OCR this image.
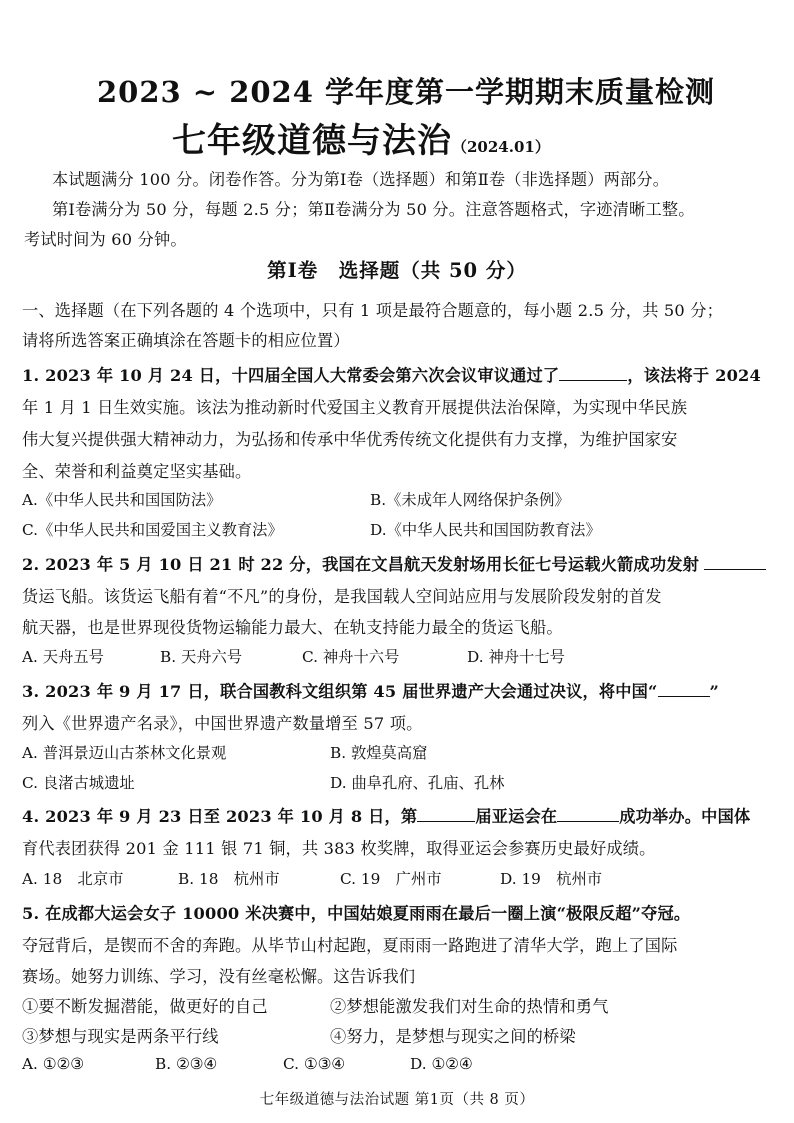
2023 ~ 2024 学年度第一学期期末质量检测
七年级道德与法治（2024.01）
本试题满分 100 分。闭卷作答。分为第Ⅰ卷（选择题）和第Ⅱ卷（非选择题）两部分。
第Ⅰ卷满分为 50 分，每题 2.5 分；第Ⅱ卷满分为 50 分。注意答题格式，字迹清晰工整。
考试时间为 60 分钟。
第Ⅰ卷　选择题（共 50 分）
一、选择题（在下列各题的 4 个选项中，只有 1 项是最符合题意的，每小题 2.5 分，共 50 分；
请将所选答案正确填涂在答题卡的相应位置）
1. 2023 年 10 月 24 日，十四届全国人大常委会第六次会议审议通过了	，该法将于 2024
年 1 月 1 日生效实施。该法为推动新时代爱国主义教育开展提供法治保障，为实现中华民族
伟大复兴提供强大精神动力，为弘扬和传承中华优秀传统文化提供有力支撑，为维护国家安
全、荣誉和利益奠定坚实基础。
A.《中华人民共和国国防法》	B.《未成年人网络保护条例》
C.《中华人民共和国爱国主义教育法》	D.《中华人民共和国国防教育法》
2. 2023 年 5 月 10 日 21 时 22 分，我国在文昌航天发射场用长征七号运载火箭成功发射
货运飞船。该货运飞船有着“不凡”的身份，是我国载人空间站应用与发展阶段发射的首发
航天器，也是世界现役货物运输能力最大、在轨支持能力最全的货运飞船。
A. 天舟五号	B. 天舟六号	C. 神舟十六号	D. 神舟十七号
3. 2023 年 9 月 17 日，联合国教科文组织第 45 届世界遗产大会通过决议，将中国“	”
列入《世界遗产名录》，中国世界遗产数量增至 57 项。
A. 普洱景迈山古茶林文化景观	B. 敦煌莫高窟
C. 良渚古城遗址	D. 曲阜孔府、孔庙、孔林
4. 2023 年 9 月 23 日至 2023 年 10 月 8 日，第	届亚运会在	成功举办。中国体
育代表团获得 201 金 111 银 71 铜，共 383 枚奖牌，取得亚运会参赛历史最好成绩。
A. 18　北京市	B. 18　杭州市	C. 19　广州市	D. 19　杭州市
5. 在成都大运会女子 10000 米决赛中，中国姑娘夏雨雨在最后一圈上演“极限反超”夺冠。
夺冠背后，是锲而不舍的奔跑。从毕节山村起跑，夏雨雨一路跑进了清华大学，跑上了国际
赛场。她努力训练、学习，没有丝毫松懈。这告诉我们
①要不断发掘潜能，做更好的自己	②梦想能激发我们对生命的热情和勇气
③梦想与现实是两条平行线	④努力，是梦想与现实之间的桥梁
A. ①②③	B. ②③④	C. ①③④	D. ①②④
七年级道德与法治试题 第1页（共 8 页）
